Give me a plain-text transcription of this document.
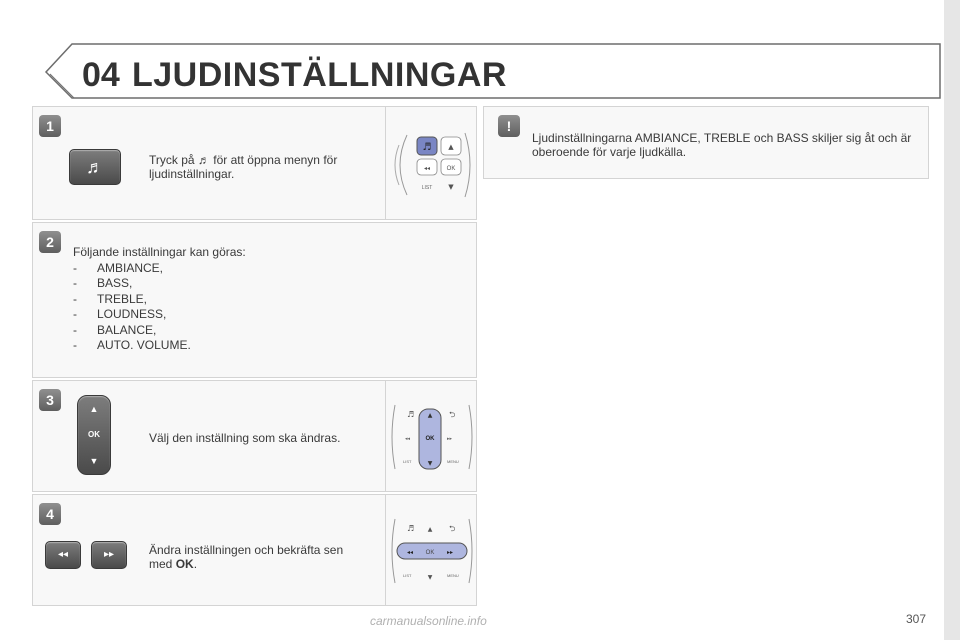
04 LJUDINSTÄLLNINGAR
1
♬	Tryck på ♬ för att öppna menyn för ljudinställningar.
♬ ▲
◂◂	OK
LIST ▼
2
Följande inställningar kan göras:
- AMBIANCE,
- BASS,
- TREBLE,
- LOUDNESS,
- BALANCE,
- AUTO. VOLUME.
3
▲
OK
▼
Välj den inställning som ska ändras.
♬	⮌
▲
OK
▼
◂◂	▸▸
LIST	MENU
4
◂◂	▸▸	Ändra inställningen och bekräfta sen med OK.
♬	⮌
▲
◂◂ OK ▸▸
▼
LIST	MENU
!
Ljudinställningarna AMBIANCE, TREBLE och BASS skiljer sig åt och är oberoende för varje ljudkälla.
carmanualsonline.info	307
